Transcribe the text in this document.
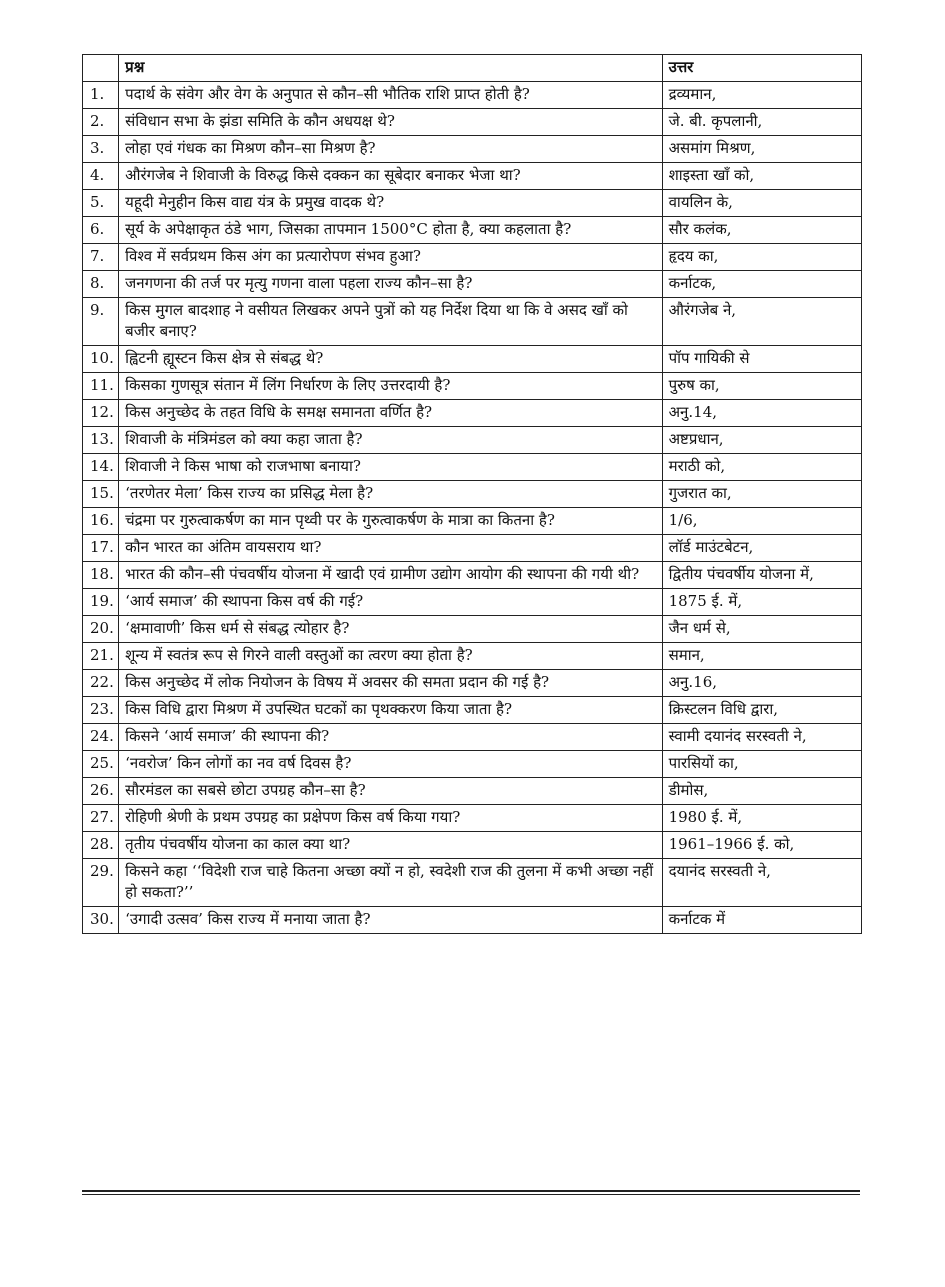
	प्रश्न	उत्तर
1.	पदार्थ के संवेग और वेग के अनुपात से कौन–सी भौतिक राशि प्राप्त होती है?	द्रव्यमान,
2.	संविधान सभा के झंडा समिति के कौन अधयक्ष थे?	जे. बी. कृपलानी,
3.	लोहा एवं गंधक का मिश्रण कौन–सा मिश्रण है?	असमांग मिश्रण,
4.	औरंगजेब ने शिवाजी के विरुद्ध किसे दक्कन का सूबेदार बनाकर भेजा था?	शाइस्ता खाँ को,
5.	यहूदी मेनुहीन किस वाद्य यंत्र के प्रमुख वादक थे?	वायलिन के,
6.	सूर्य के अपेक्षाकृत ठंडे भाग, जिसका तापमान 1500°C होता है, क्या कहलाता है?	सौर कलंक,
7.	विश्व में सर्वप्रथम किस अंग का प्रत्यारोपण संभव हुआ?	हृदय का,
8.	जनगणना की तर्ज पर मृत्यु गणना वाला पहला राज्य कौन–सा है?	कर्नाटक,
9.	किस मुगल बादशाह ने वसीयत लिखकर अपने पुत्रों को यह निर्देश दिया था कि वे असद खाँ को बजीर बनाए?	औरंगजेब ने,
10.	ह्विटनी ह्यूस्टन किस क्षेत्र से संबद्ध थे?	पॉप गायिकी से
11.	किसका गुणसूत्र संतान में लिंग निर्धारण के लिए उत्तरदायी है?	पुरुष का,
12.	किस अनुच्छेद के तहत विधि के समक्ष समानता वर्णित है?	अनु.14,
13.	शिवाजी के मंत्रिमंडल को क्या कहा जाता है?	अष्टप्रधान,
14.	शिवाजी ने किस भाषा को राजभाषा बनाया?	मराठी को,
15.	‘तरणेतर मेला’ किस राज्य का प्रसिद्ध मेला है?	गुजरात का,
16.	चंद्रमा पर गुरुत्वाकर्षण का मान पृथ्वी पर के गुरुत्वाकर्षण के मात्रा का कितना है?	1/6,
17.	कौन भारत का अंतिम वायसराय था?	लॉर्ड माउंटबेटन,
18.	भारत की कौन–सी पंचवर्षीय योजना में खादी एवं ग्रामीण उद्योग आयोग की स्थापना की गयी थी?	द्वितीय पंचवर्षीय योजना में,
19.	‘आर्य समाज’ की स्थापना किस वर्ष की गई?	1875 ई. में,
20.	‘क्षमावाणी’ किस धर्म से संबद्ध त्योहार है?	जैन धर्म से,
21.	शून्य में स्वतंत्र रूप से गिरने वाली वस्तुओं का त्वरण क्या होता है?	समान,
22.	किस अनुच्छेद में लोक नियोजन के विषय में अवसर की समता प्रदान की गई है?	अनु.16,
23.	किस विधि द्वारा मिश्रण में उपस्थित घटकों का पृथक्करण किया जाता है?	क्रिस्टलन विधि द्वारा,
24.	किसने ‘आर्य समाज’ की स्थापना की?	स्वामी दयानंद सरस्वती ने,
25.	‘नवरोज’ किन लोगों का नव वर्ष दिवस है?	पारसियों का,
26.	सौरमंडल का सबसे छोटा उपग्रह कौन–सा है?	डीमोस,
27.	रोहिणी श्रेणी के प्रथम उपग्रह का प्रक्षेपण किस वर्ष किया गया?	1980 ई. में,
28.	तृतीय पंचवर्षीय योजना का काल क्या था?	1961–1966 ई. को,
29.	किसने कहा ‘‘विदेशी राज चाहे कितना अच्छा क्यों न हो, स्वदेशी राज की तुलना में कभी अच्छा नहीं हो सकता?’’	दयानंद सरस्वती ने,
30.	‘उगादी उत्सव’ किस राज्य में मनाया जाता है?	कर्नाटक में
